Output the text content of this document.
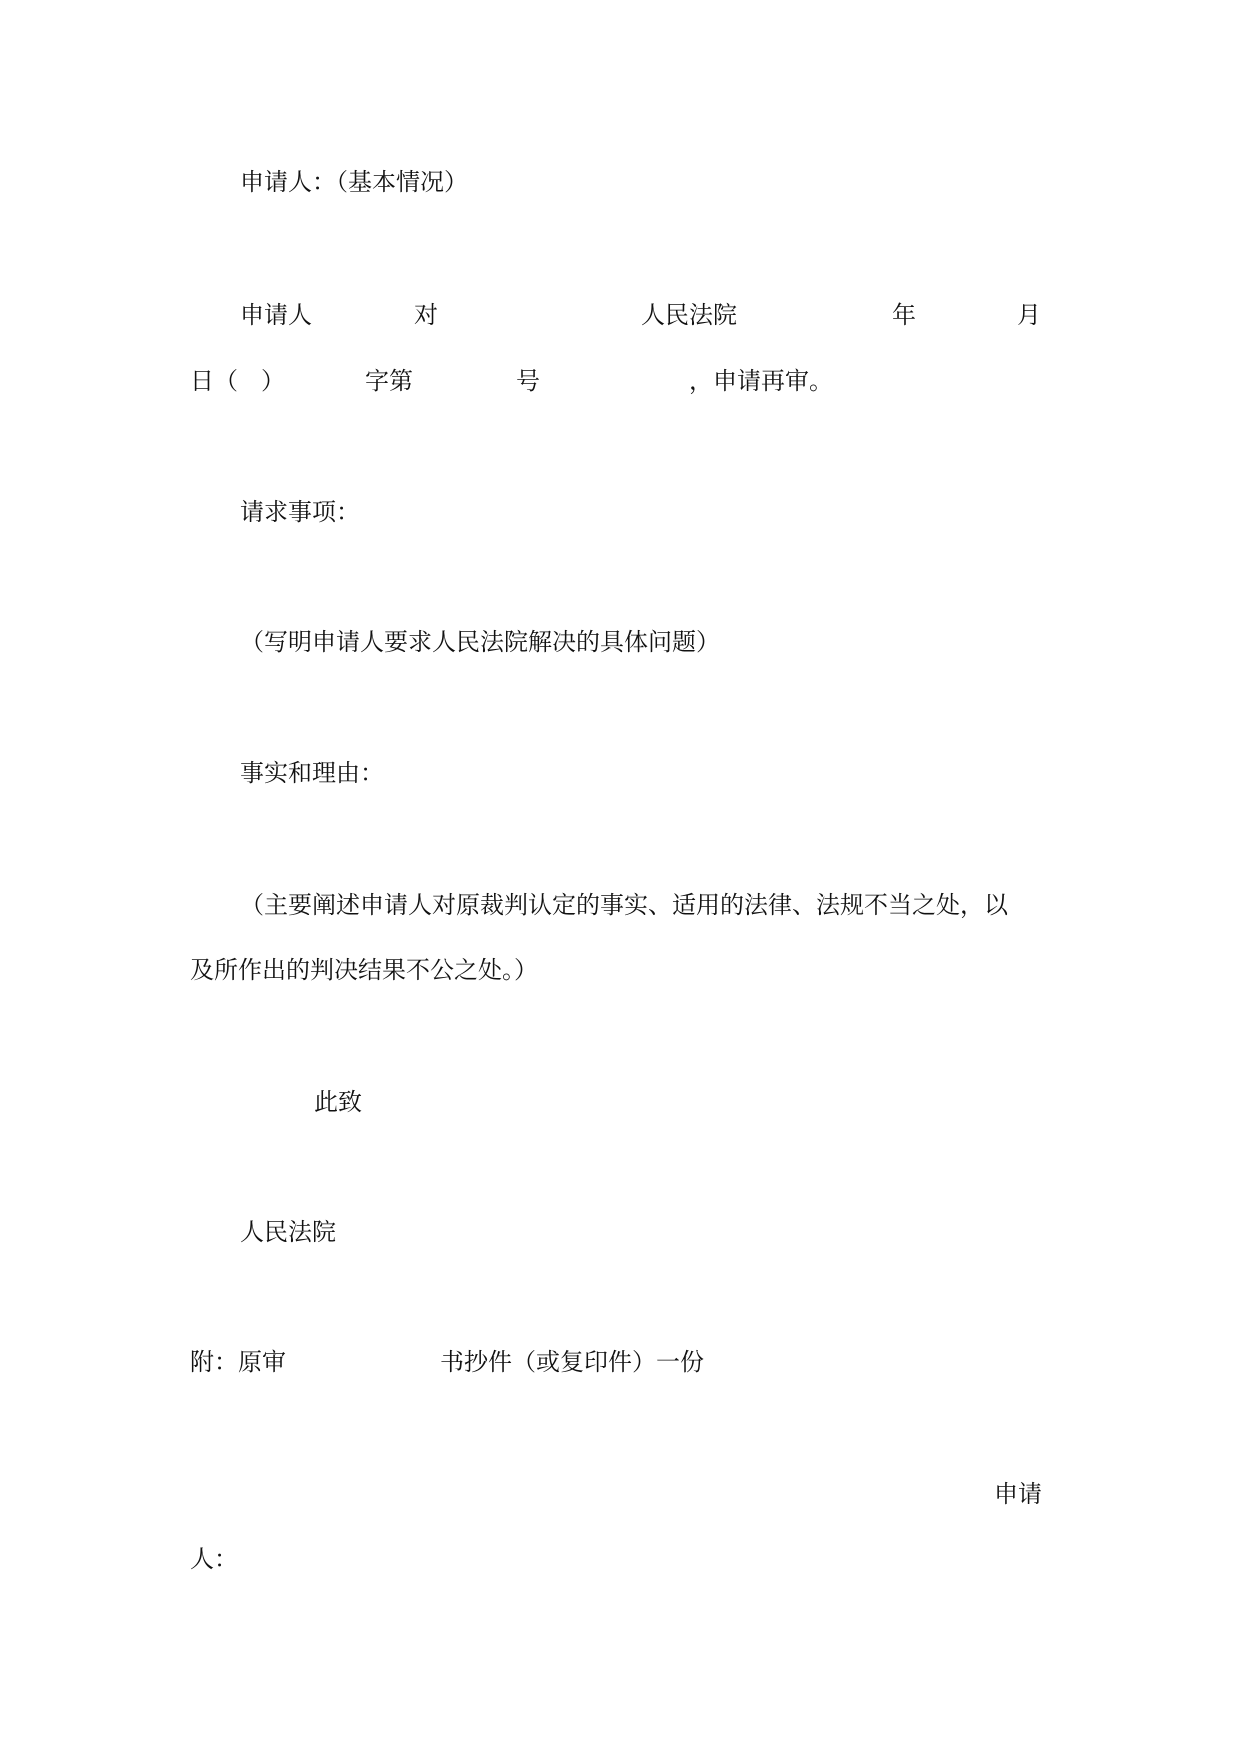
申请人：（基本情况）
申请人	对	人民法院	年	月
日（ ）	字第	号	，申请再审。
请求事项：
（写明申请人要求人民法院解决的具体问题）
事实和理由：
（主要阐述申请人对原裁判认定的事实、适用的法律、法规不当之处，以
及所作出的判决结果不公之处。）
此致
人民法院
附：原审	书抄件（或复印件）一份
申请
人：
